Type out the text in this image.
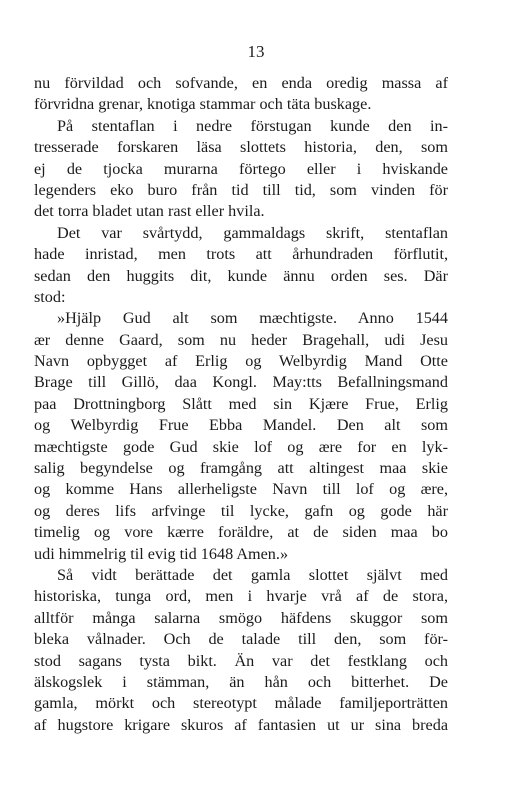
13
nu förvildad och sofvande, en enda oredig massa af
förvridna grenar, knotiga stammar och täta buskage.
På stentaflan i nedre förstugan kunde den in-
tresserade forskaren läsa slottets historia, den, som
ej de tjocka murarna förtego eller i hviskande
legenders eko buro från tid till tid, som vinden för
det torra bladet utan rast eller hvila.
Det var svårtydd, gammaldags skrift, stentaflan
hade inristad, men trots att århundraden förflutit,
sedan den huggits dit, kunde ännu orden ses. Där
stod:
»Hjälp Gud alt som mæchtigste. Anno 1544
ær denne Gaard, som nu heder Bragehall, udi Jesu
Navn opbygget af Erlig og Welbyrdig Mand Otte
Brage till Gillö, daa Kongl. May:tts Befallningsmand
paa Drottningborg Slått med sin Kjære Frue, Erlig
og Welbyrdig Frue Ebba Mandel. Den alt som
mæchtigste gode Gud skie lof og ære for en lyk-
salig begyndelse og framgång att altingest maa skie
og komme Hans allerheligste Navn till lof og ære,
og deres lifs arfvinge til lycke, gafn og gode här
timelig og vore kærre foräldre, at de siden maa bo
udi himmelrig til evig tid 1648 Amen.»
Så vidt berättade det gamla slottet självt med
historiska, tunga ord, men i hvarje vrå af de stora,
alltför många salarna smögo häfdens skuggor som
bleka vålnader. Och de talade till den, som för-
stod sagans tysta bikt. Än var det festklang och
älskogslek i stämman, än hån och bitterhet. De
gamla, mörkt och stereotypt målade familjeporträtten
af hugstore krigare skuros af fantasien ut ur sina breda
